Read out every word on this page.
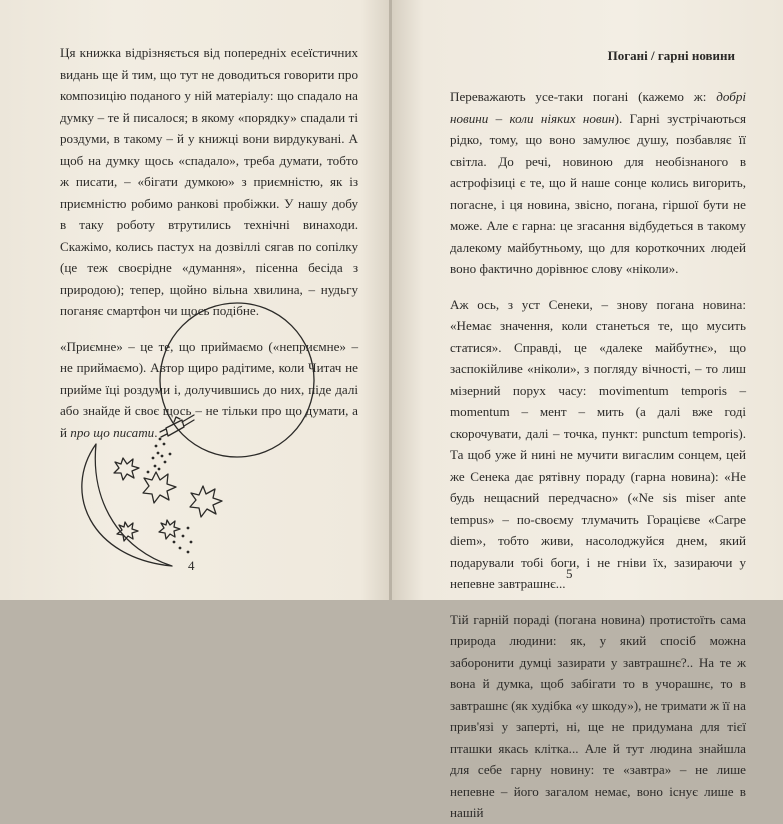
Ця книжка відрізняється від попередніх есеїстичних видань ще й тим, що тут не доводиться говорити про композицію поданого у ній матеріалу: що спадало на думку – те й писалося; в якому «порядку» спадали ті роздуми, в такому – й у книжці вони вирдукувані. А щоб на думку щось «спадало», треба думати, тобто ж писати, – «бігати думкою» з приємністю, як із приємністю робимо ранкові пробіжки. У нашу добу в таку роботу втрутились технічні винаходи. Скажімо, колись пастух на дозвіллі сягав по сопілку (це теж своєрідне «думання», пісенна бесіда з природою); тепер, щойно вільна хвилина, – нудьгу поганяє смартфон чи щось подібне.

«Приємне» – це те, що приймаємо («неприємне» – не приймаємо). Автор щиро радітиме, коли Читач не прийме їці роздуми і, долучившись до них, піде далі або знайде й своє щось – не тільки про що думати, а й про що писати.

4
Погані / гарні новини

Переважають усе-таки погані (кажемо ж: добрі новини – коли ніяких новин). Гарні зустрічаються рідко, тому, що воно замулює душу, позбавляє її світла. До речі, новиною для необізнаного в астрофізиці є те, що й наше сонце колись вигорить, погасне, і ця новина, звісно, погана, гіршої бути не може. Але є гарна: це згасання відбудеться в такому далекому майбутньому, що для короткочних людей воно фактично дорівнює слову «ніколи».

Аж ось, з уст Сенеки, – знову погана новина: «Немає значення, коли станеться те, що мусить статися». Справді, це «далеке майбутнє», що заспокійливе «ніколи», з погляду вічності, – то лиш мізерний порух часу: movimentum temporis – momentum – мент – мить (а далі вже годі скорочувати, далі – точка, пункт: punctum temporis). Та щоб уже й нині не мучити вигаслим сонцем, цей же Сенека дає рятівну пораду (гарна новина): «Не будь нещасний передчасно» («Ne sis miser ante tempus» – по-своєму тлумачить Горацієве «Carpe diem», тобто живи, насолоджуйся днем, який подарували тобі боги, і не гніви їх, зазираючи у непевне завтрашнє...

Тій гарній пораді (погана новина) протистоїть сама природа людини: як, у який спосіб можна заборонити думці зазирати у завтрашнє?.. На те ж вона й думка, щоб забігати то в учорашнє, то в завтрашнє (як худібка «у шкоду»), не тримати ж її на прив'язі у заперті, ні, ще не придумана для тієї пташки якась клітка... Але й тут людина знайшла для себе гарну новину: те «завтра» – не лише непевне – його загалом немає, воно існує лише в нашій

5
